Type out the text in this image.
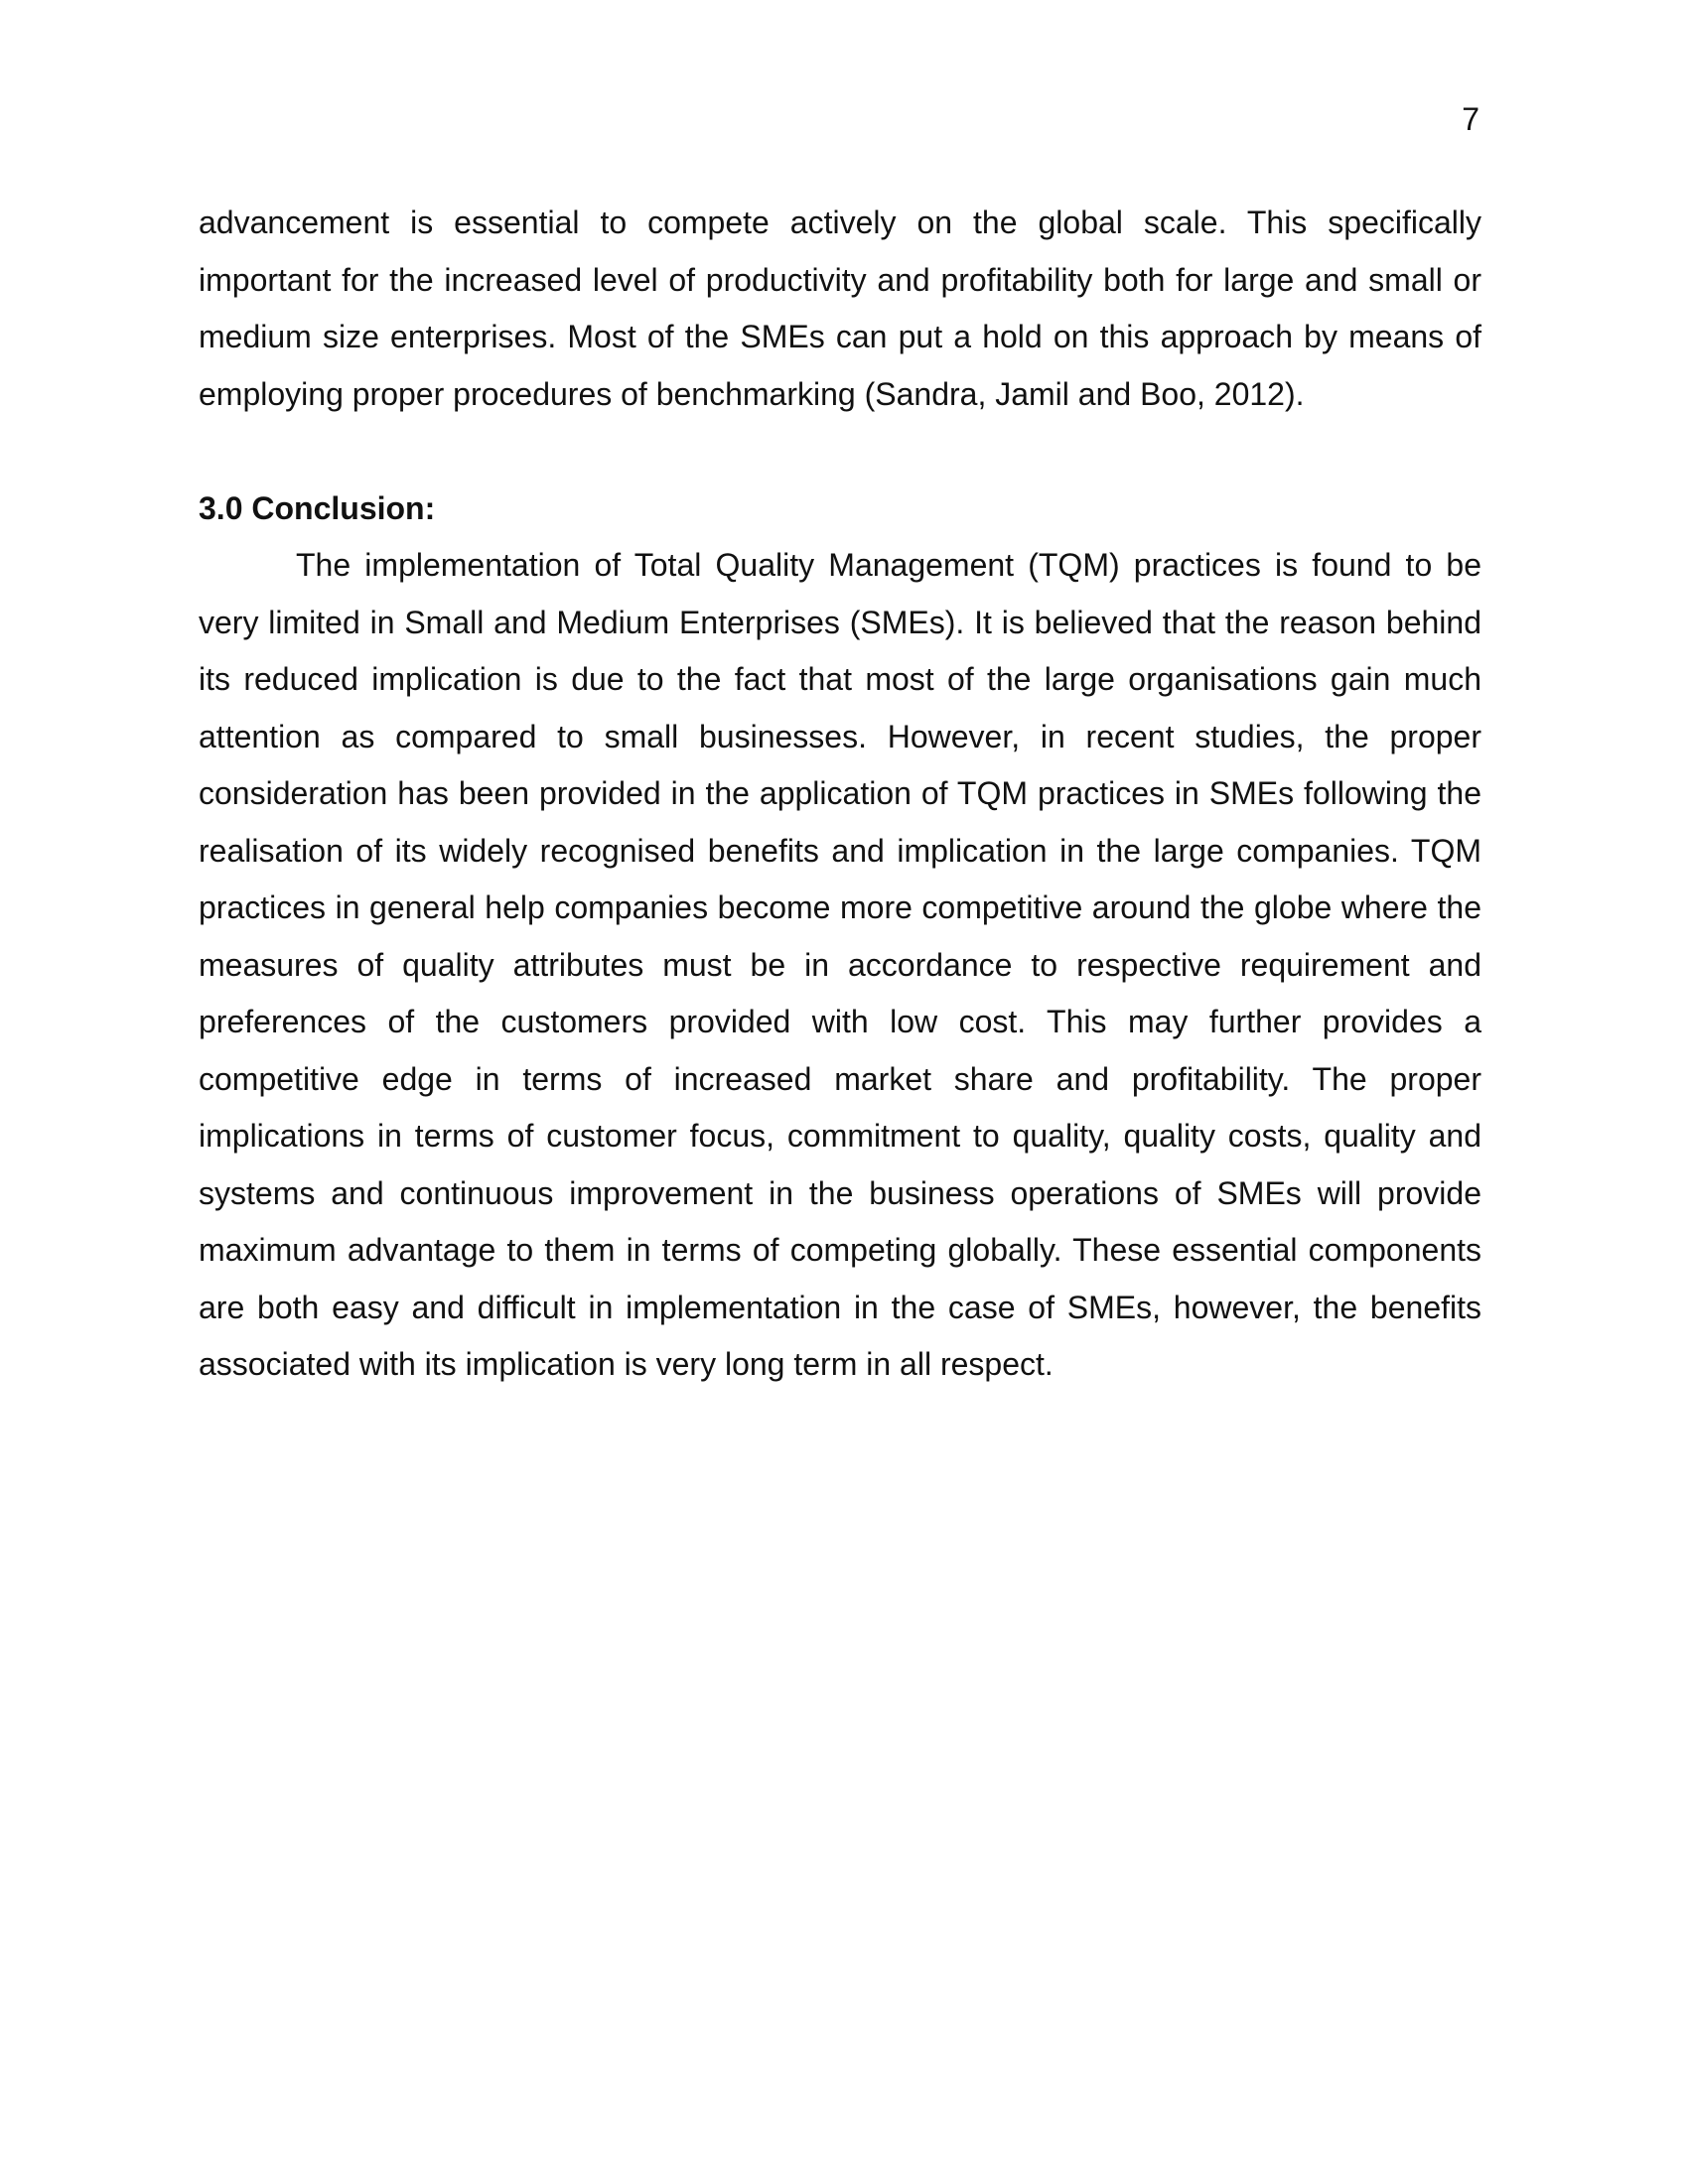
7

advancement is essential to compete actively on the global scale. This specifically important for the increased level of productivity and profitability both for large and small or medium size enterprises. Most of the SMEs can put a hold on this approach by means of employing proper procedures of benchmarking (Sandra, Jamil and Boo, 2012).

3.0 Conclusion:

The implementation of Total Quality Management (TQM) practices is found to be very limited in Small and Medium Enterprises (SMEs). It is believed that the reason behind its reduced implication is due to the fact that most of the large organisations gain much attention as compared to small businesses. However, in recent studies, the proper consideration has been provided in the application of TQM practices in SMEs following the realisation of its widely recognised benefits and implication in the large companies. TQM practices in general help companies become more competitive around the globe where the measures of quality attributes must be in accordance to respective requirement and preferences of the customers provided with low cost. This may further provides a competitive edge in terms of increased market share and profitability. The proper implications in terms of customer focus, commitment to quality, quality costs, quality and systems and continuous improvement in the business operations of SMEs will provide maximum advantage to them in terms of competing globally. These essential components are both easy and difficult in implementation in the case of SMEs, however, the benefits associated with its implication is very long term in all respect.
